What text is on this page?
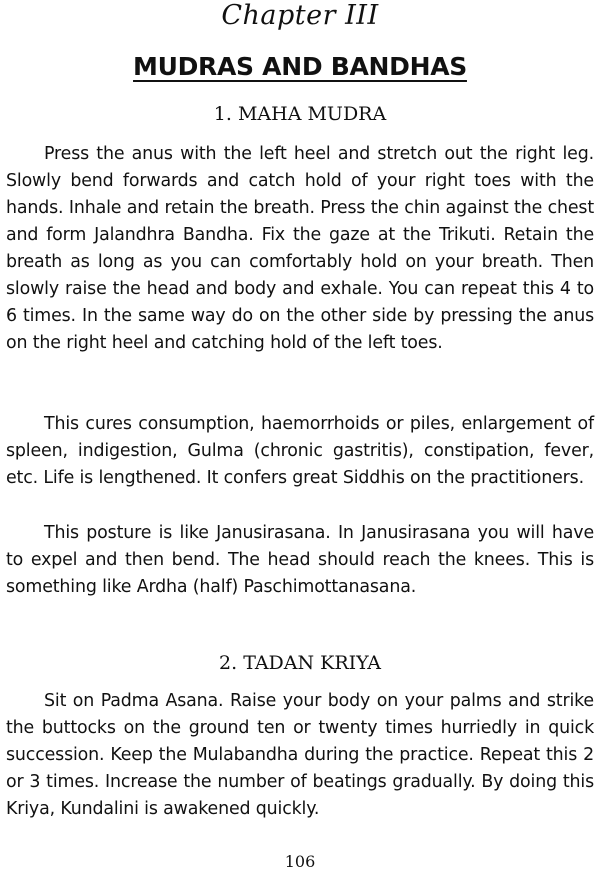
Chapter III
MUDRAS AND BANDHAS
1. MAHA MUDRA

Press the anus with the left heel and stretch out the right leg. Slowly bend forwards and catch hold of your right toes with the hands. Inhale and retain the breath. Press the chin against the chest and form Jalandhra Bandha. Fix the gaze at the Trikuti. Retain the breath as long as you can comfortably hold on your breath. Then slowly raise the head and body and exhale. You can repeat this 4 to 6 times. In the same way do on the other side by pressing the anus on the right heel and catching hold of the left toes.

This cures consumption, haemorrhoids or piles, enlargement of spleen, indigestion, Gulma (chronic gastritis), constipation, fever, etc. Life is lengthened. It confers great Siddhis on the practitioners.

This posture is like Janusirasana. In Janusirasana you will have to expel and then bend. The head should reach the knees. This is something like Ardha (half) Paschimottanasana.

2. TADAN KRIYA

Sit on Padma Asana. Raise your body on your palms and strike the buttocks on the ground ten or twenty times hurriedly in quick succession. Keep the Mulabandha during the practice. Repeat this 2 or 3 times. Increase the number of beatings gradually. By doing this Kriya, Kundalini is awakened quickly.

106
